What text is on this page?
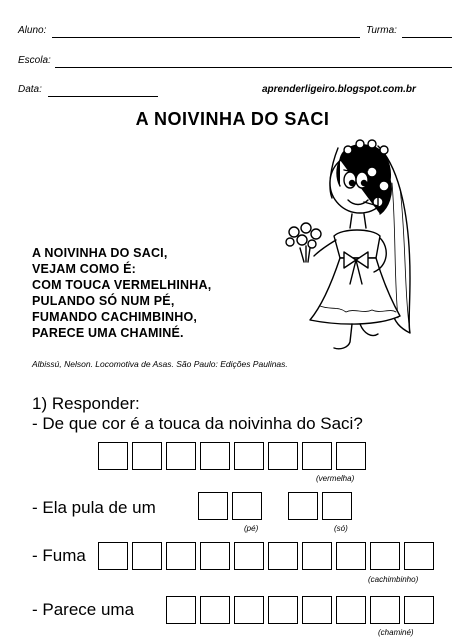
Aluno:	Turma:
Escola:
Data:	aprenderligeiro.blogspot.com.br
A NOIVINHA DO SACI
A NOIVINHA DO SACI,
VEJAM COMO É:
COM TOUCA VERMELHINHA,
PULANDO SÓ NUM PÉ,
FUMANDO CACHIMBINHO,
PARECE UMA CHAMINÉ.
Albissú, Nelson. Locomotiva de Asas. São Paulo: Edições Paulinas.
1) Responder:
- De que cor é a touca da noivinha do Saci?
(vermelha)
- Ela pula de um
(pé)	(só)
- Fuma
(cachimbinho)
- Parece uma
(chaminé)
